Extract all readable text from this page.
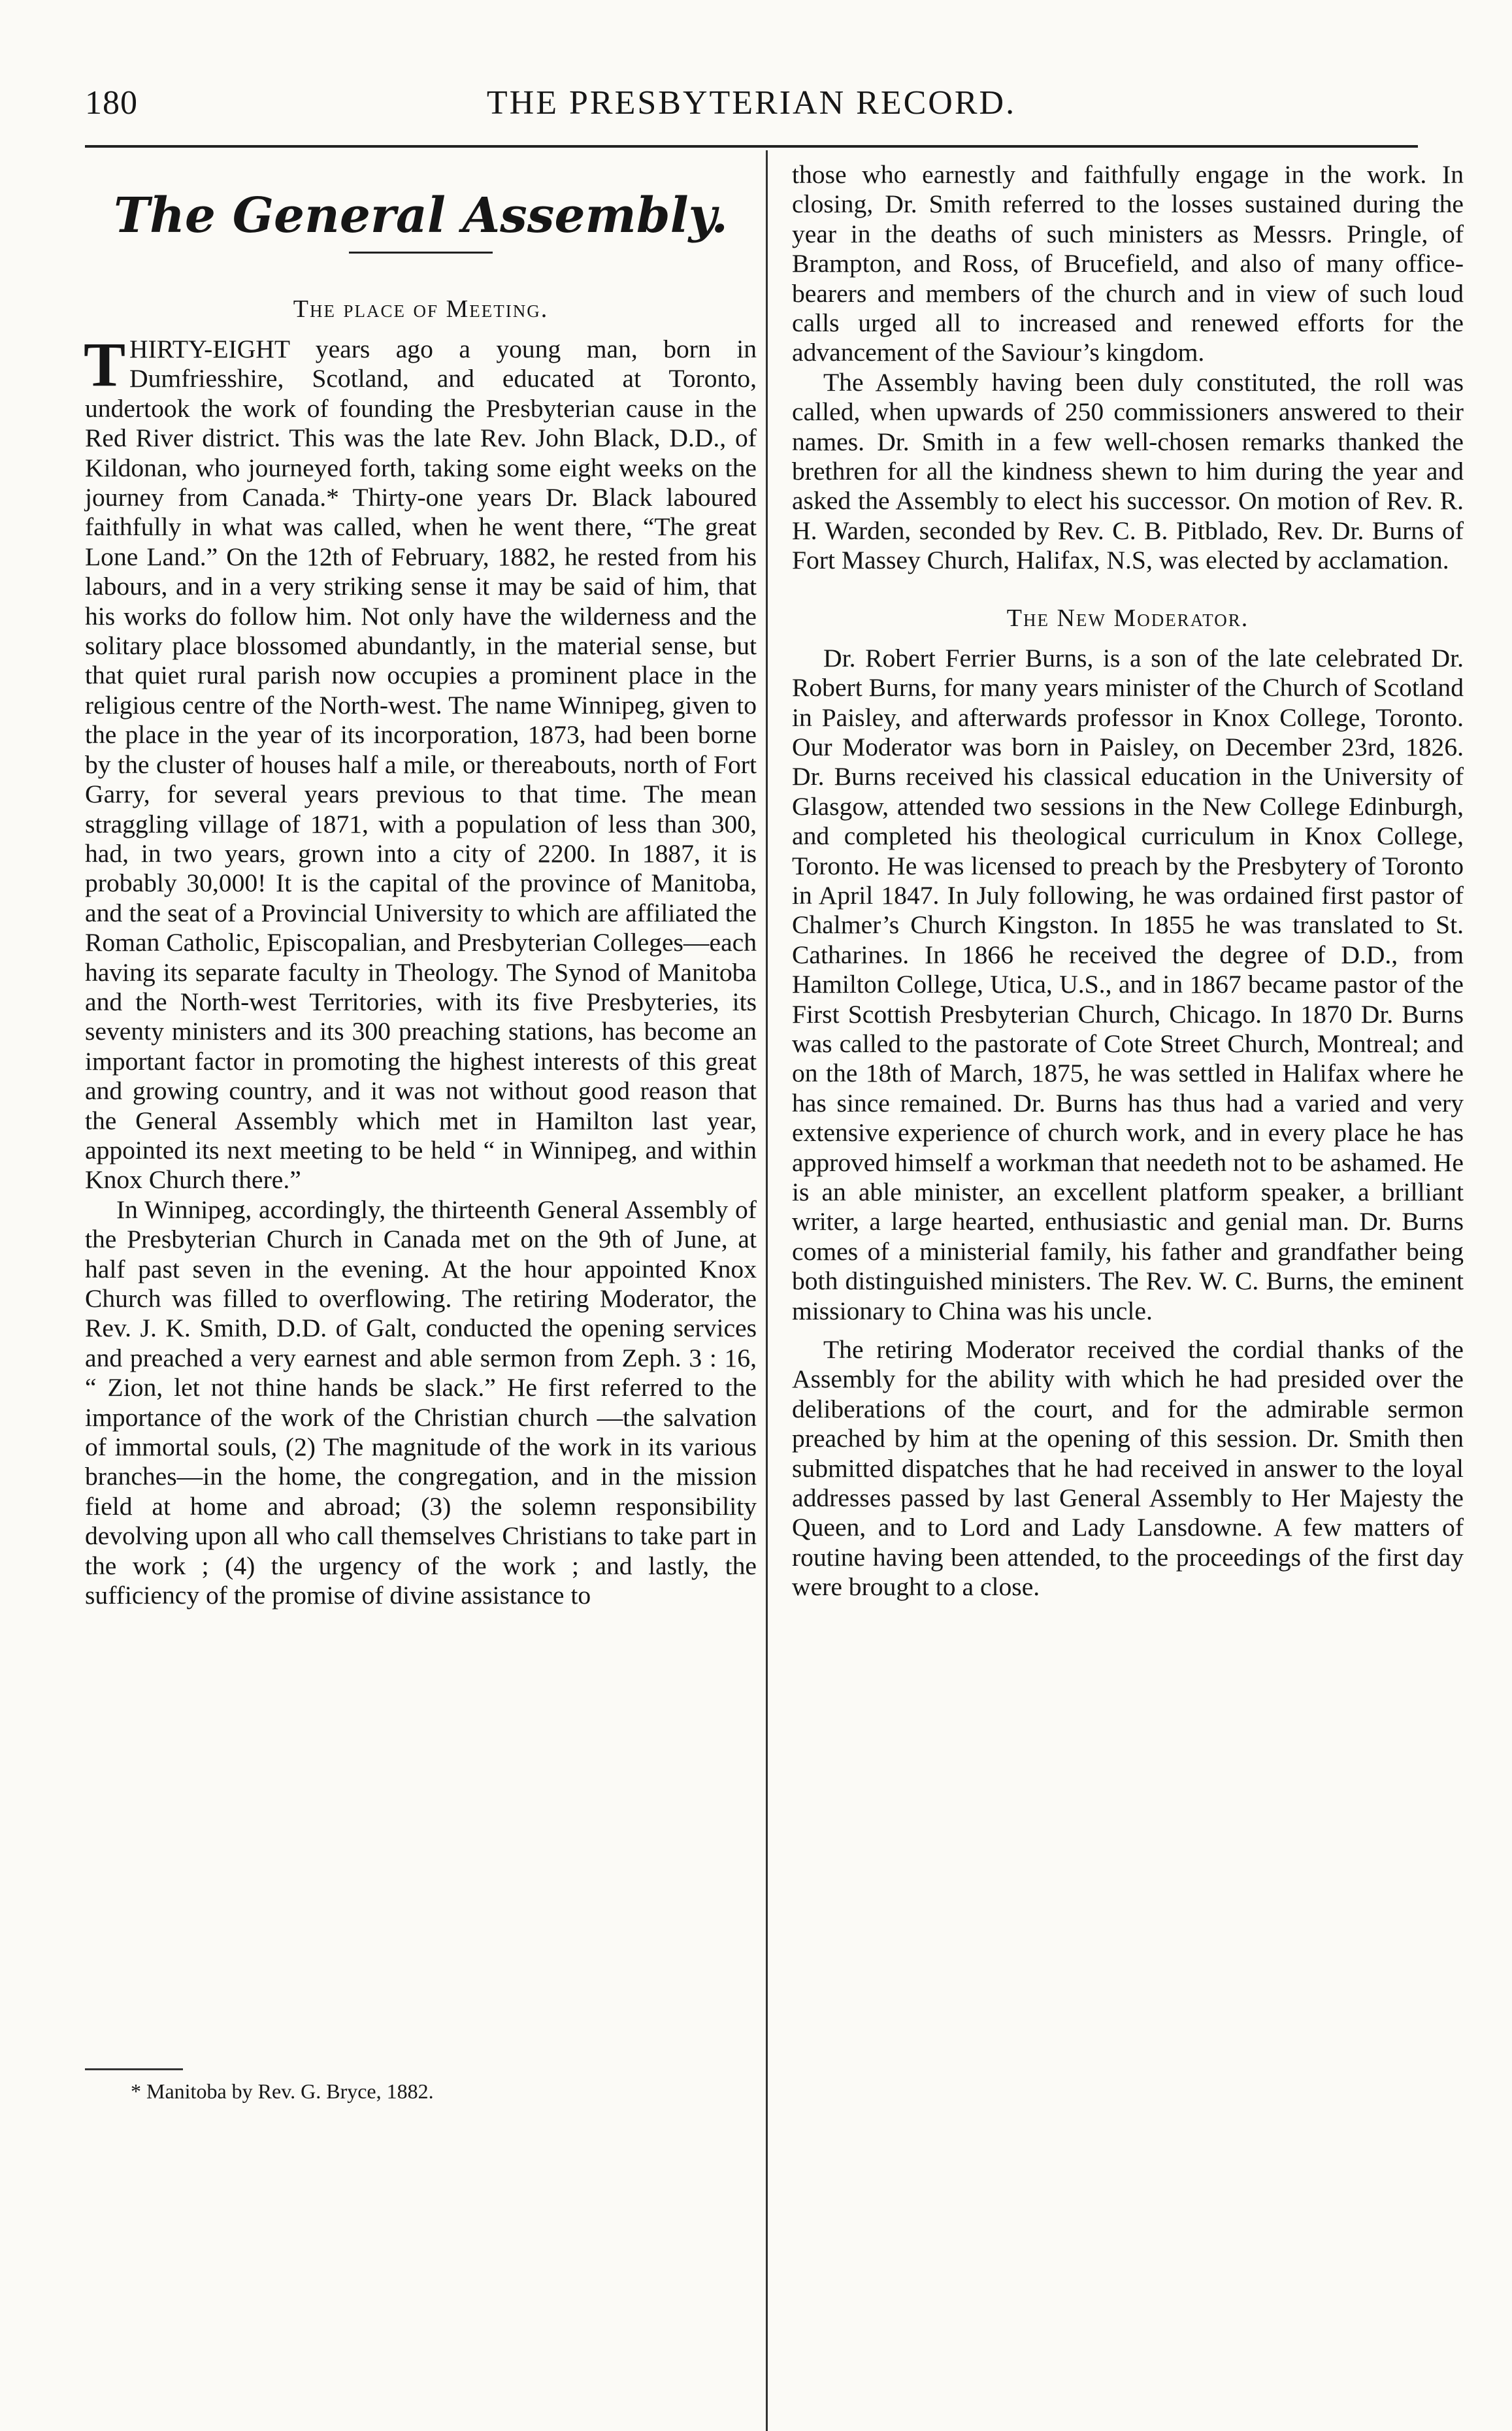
180	THE PRESBYTERIAN RECORD.
The General Assembly.
The place of Meeting.

THIRTY-EIGHT years ago a young man, born in Dumfriesshire, Scotland, and educated at Toronto, undertook the work of founding the Presbyterian cause in the Red River district. This was the late Rev. John Black, D.D., of Kildonan, who journeyed forth, taking some eight weeks on the journey from Canada.* Thirty-one years Dr. Black laboured faithfully in what was called, when he went there, “The great Lone Land.” On the 12th of February, 1882, he rested from his labours, and in a very striking sense it may be said of him, that his works do follow him. Not only have the wilderness and the solitary place blossomed abundantly, in the material sense, but that quiet rural parish now occupies a prominent place in the religious centre of the North-west. The name Winnipeg, given to the place in the year of its incorporation, 1873, had been borne by the cluster of houses half a mile, or thereabouts, north of Fort Garry, for several years previous to that time. The mean straggling village of 1871, with a population of less than 300, had, in two years, grown into a city of 2200. In 1887, it is probably 30,000! It is the capital of the province of Manitoba, and the seat of a Provincial University to which are affiliated the Roman Catholic, Episcopalian, and Presbyterian Colleges—each having its separate faculty in Theology. The Synod of Manitoba and the North-west Territories, with its five Presbyteries, its seventy ministers and its 300 preaching stations, has become an important factor in promoting the highest interests of this great and growing country, and it was not without good reason that the General Assembly which met in Hamilton last year, appointed its next meeting to be held “ in Winnipeg, and within Knox Church there.”

In Winnipeg, accordingly, the thirteenth General Assembly of the Presbyterian Church in Canada met on the 9th of June, at half past seven in the evening. At the hour appointed Knox Church was filled to overflowing. The retiring Moderator, the Rev. J. K. Smith, D.D. of Galt, conducted the opening services and preached a very earnest and able sermon from Zeph. 3 : 16, “ Zion, let not thine hands be slack.” He first referred to the importance of the work of the Christian church —the salvation of immortal souls, (2) The magnitude of the work in its various branches—in the home, the congregation, and in the mission field at home and abroad; (3) the solemn responsibility devolving upon all who call themselves Christians to take part in the work ; (4) the urgency of the work ; and lastly, the sufficiency of the promise of divine assistance to

those who earnestly and faithfully engage in the work. In closing, Dr. Smith referred to the losses sustained during the year in the deaths of such ministers as Messrs. Pringle, of Brampton, and Ross, of Brucefield, and also of many office-bearers and members of the church and in view of such loud calls urged all to increased and renewed efforts for the advancement of the Saviour’s kingdom.

The Assembly having been duly constituted, the roll was called, when upwards of 250 commissioners answered to their names. Dr. Smith in a few well-chosen remarks thanked the brethren for all the kindness shewn to him during the year and asked the Assembly to elect his successor. On motion of Rev. R. H. Warden, seconded by Rev. C. B. Pitblado, Rev. Dr. Burns of Fort Massey Church, Halifax, N.S, was elected by acclamation.

The New Moderator.

Dr. Robert Ferrier Burns, is a son of the late celebrated Dr. Robert Burns, for many years minister of the Church of Scotland in Paisley, and afterwards professor in Knox College, Toronto. Our Moderator was born in Paisley, on December 23rd, 1826. Dr. Burns received his classical education in the University of Glasgow, attended two sessions in the New College Edinburgh, and completed his theological curriculum in Knox College, Toronto. He was licensed to preach by the Presbytery of Toronto in April 1847. In July following, he was ordained first pastor of Chalmer’s Church Kingston. In 1855 he was translated to St. Catharines. In 1866 he received the degree of D.D., from Hamilton College, Utica, U.S., and in 1867 became pastor of the First Scottish Presbyterian Church, Chicago. In 1870 Dr. Burns was called to the pastorate of Cote Street Church, Montreal; and on the 18th of March, 1875, he was settled in Halifax where he has since remained. Dr. Burns has thus had a varied and very extensive experience of church work, and in every place he has approved himself a workman that needeth not to be ashamed. He is an able minister, an excellent platform speaker, a brilliant writer, a large hearted, enthusiastic and genial man. Dr. Burns comes of a ministerial family, his father and grandfather being both distinguished ministers. The Rev. W. C. Burns, the eminent missionary to China was his uncle.

The retiring Moderator received the cordial thanks of the Assembly for the ability with which he had presided over the deliberations of the court, and for the admirable sermon preached by him at the opening of this session. Dr. Smith then submitted dispatches that he had received in answer to the loyal addresses passed by last General Assembly to Her Majesty the Queen, and to Lord and Lady Lansdowne. A few matters of routine having been attended, to the proceedings of the first day were brought to a close.

* Manitoba by Rev. G. Bryce, 1882.
